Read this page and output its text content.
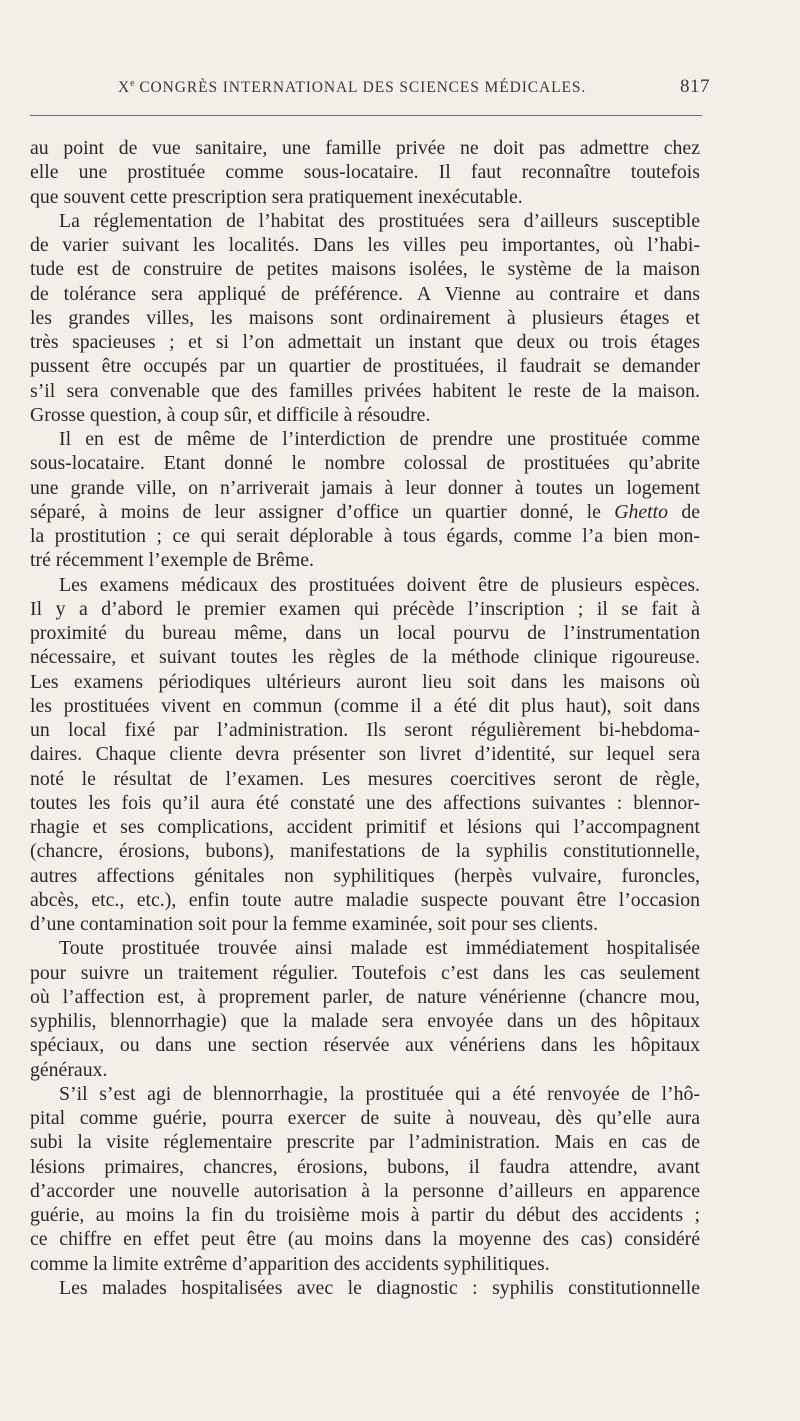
Xe CONGRÈS INTERNATIONAL DES SCIENCES MÉDICALES.	817
au point de vue sanitaire, une famille privée ne doit pas admettre chez
elle une prostituée comme sous-locataire. Il faut reconnaître toutefois
que souvent cette prescription sera pratiquement inexécutable.
La réglementation de l’habitat des prostituées sera d’ailleurs susceptible
de varier suivant les localités. Dans les villes peu importantes, où l’habi-
tude est de construire de petites maisons isolées, le système de la maison
de tolérance sera appliqué de préférence. A Vienne au contraire et dans
les grandes villes, les maisons sont ordinairement à plusieurs étages et
très spacieuses ; et si l’on admettait un instant que deux ou trois étages
pussent être occupés par un quartier de prostituées, il faudrait se demander
s’il sera convenable que des familles privées habitent le reste de la maison.
Grosse question, à coup sûr, et difficile à résoudre.
Il en est de même de l’interdiction de prendre une prostituée comme
sous-locataire. Etant donné le nombre colossal de prostituées qu’abrite
une grande ville, on n’arriverait jamais à leur donner à toutes un logement
séparé, à moins de leur assigner d’office un quartier donné, le Ghetto de
la prostitution ; ce qui serait déplorable à tous égards, comme l’a bien mon-
tré récemment l’exemple de Brême.
Les examens médicaux des prostituées doivent être de plusieurs espèces.
Il y a d’abord le premier examen qui précède l’inscription ; il se fait à
proximité du bureau même, dans un local pourvu de l’instrumentation
nécessaire, et suivant toutes les règles de la méthode clinique rigoureuse.
Les examens périodiques ultérieurs auront lieu soit dans les maisons où
les prostituées vivent en commun (comme il a été dit plus haut), soit dans
un local fixé par l’administration. Ils seront régulièrement bi-hebdoma-
daires. Chaque cliente devra présenter son livret d’identité, sur lequel sera
noté le résultat de l’examen. Les mesures coercitives seront de règle,
toutes les fois qu’il aura été constaté une des affections suivantes : blennor-
rhagie et ses complications, accident primitif et lésions qui l’accompagnent
(chancre, érosions, bubons), manifestations de la syphilis constitutionnelle,
autres affections génitales non syphilitiques (herpès vulvaire, furoncles,
abcès, etc., etc.), enfin toute autre maladie suspecte pouvant être l’occasion
d’une contamination soit pour la femme examinée, soit pour ses clients.
Toute prostituée trouvée ainsi malade est immédiatement hospitalisée
pour suivre un traitement régulier. Toutefois c’est dans les cas seulement
où l’affection est, à proprement parler, de nature vénérienne (chancre mou,
syphilis, blennorrhagie) que la malade sera envoyée dans un des hôpitaux
spéciaux, ou dans une section réservée aux vénériens dans les hôpitaux
généraux.
S’il s’est agi de blennorrhagie, la prostituée qui a été renvoyée de l’hô-
pital comme guérie, pourra exercer de suite à nouveau, dès qu’elle aura
subi la visite réglementaire prescrite par l’administration. Mais en cas de
lésions primaires, chancres, érosions, bubons, il faudra attendre, avant
d’accorder une nouvelle autorisation à la personne d’ailleurs en apparence
guérie, au moins la fin du troisième mois à partir du début des accidents ;
ce chiffre en effet peut être (au moins dans la moyenne des cas) considéré
comme la limite extrême d’apparition des accidents syphilitiques.
Les malades hospitalisées avec le diagnostic : syphilis constitutionnelle
